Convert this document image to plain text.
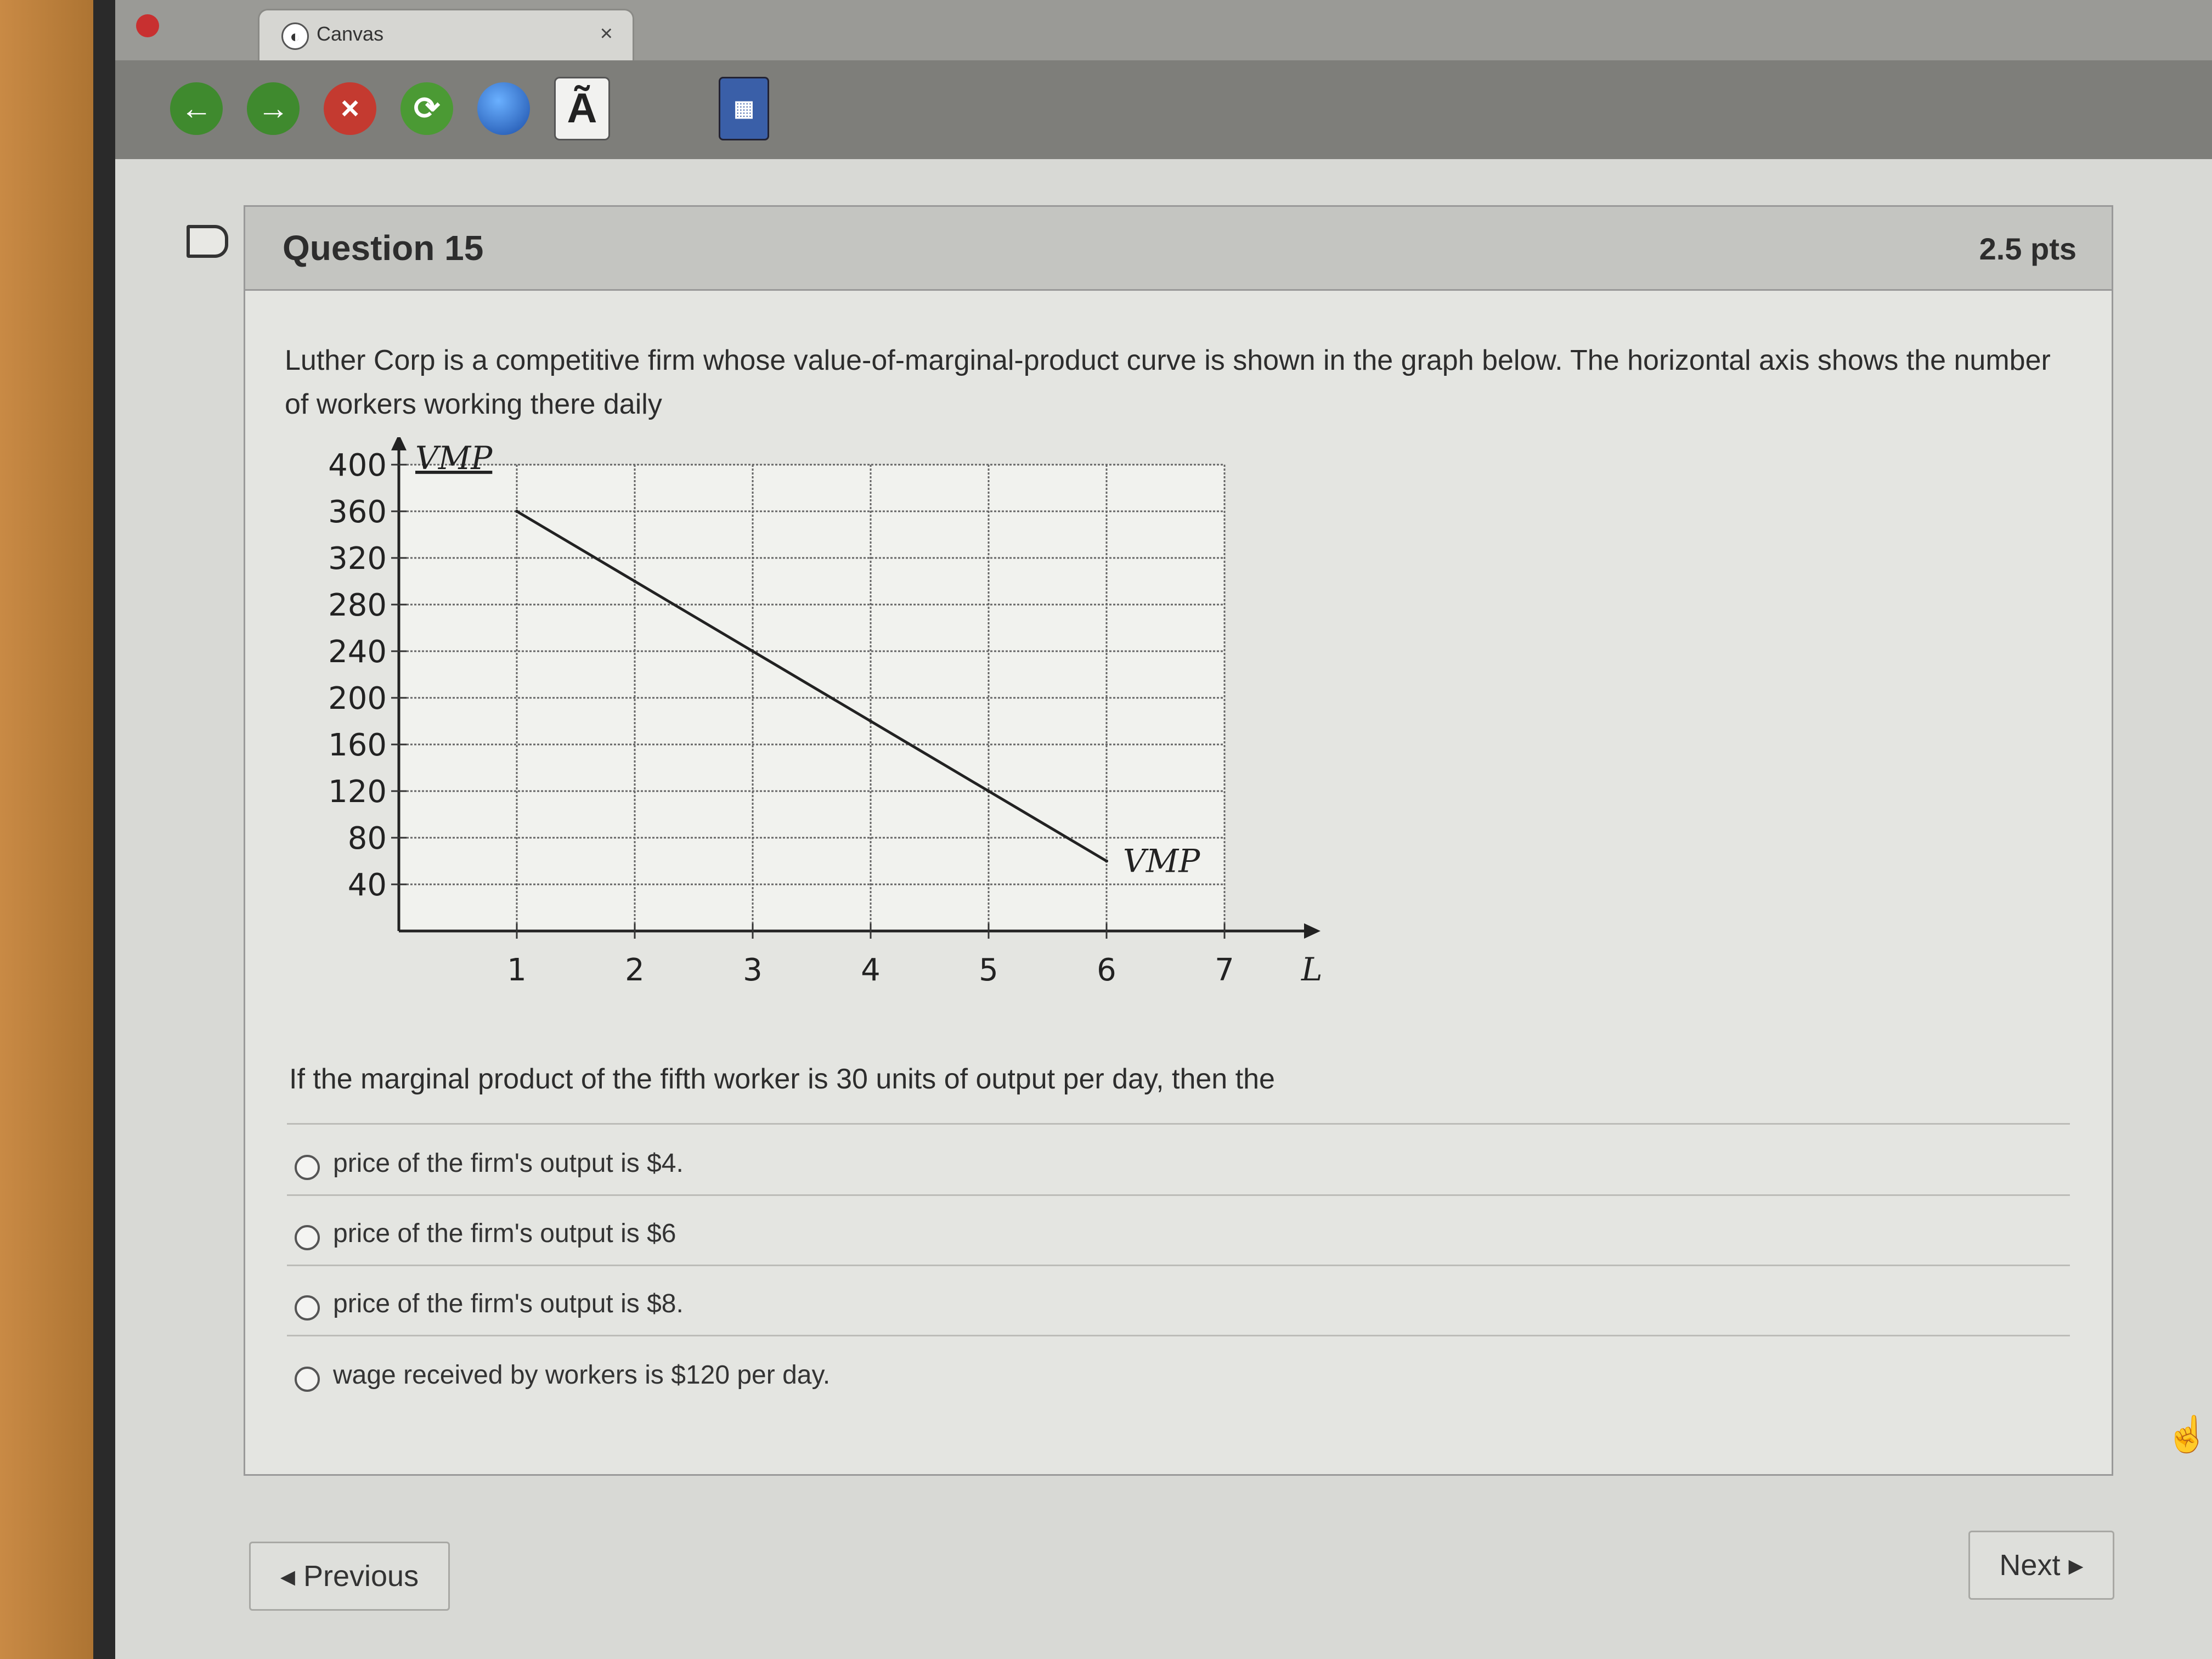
◐ Canvas	×
←	→	×	⟳	Ã	▦
Question 15	2.5 pts
Luther Corp is a competitive firm whose value-of-marginal-product curve is shown in the graph below. The horizontal axis shows the number of workers working there daily
40
80
120
160
200
240
280
320
360
400
1	2	3	4	5	6	7
VMP
L
VMP
If the marginal product of the fifth worker is 30 units of output per day, then the
price of the firm's output is $4.
price of the firm's output is $6
price of the firm's output is $8.
wage received by workers is $120 per day.
☝
◂ Previous	Next ▸
